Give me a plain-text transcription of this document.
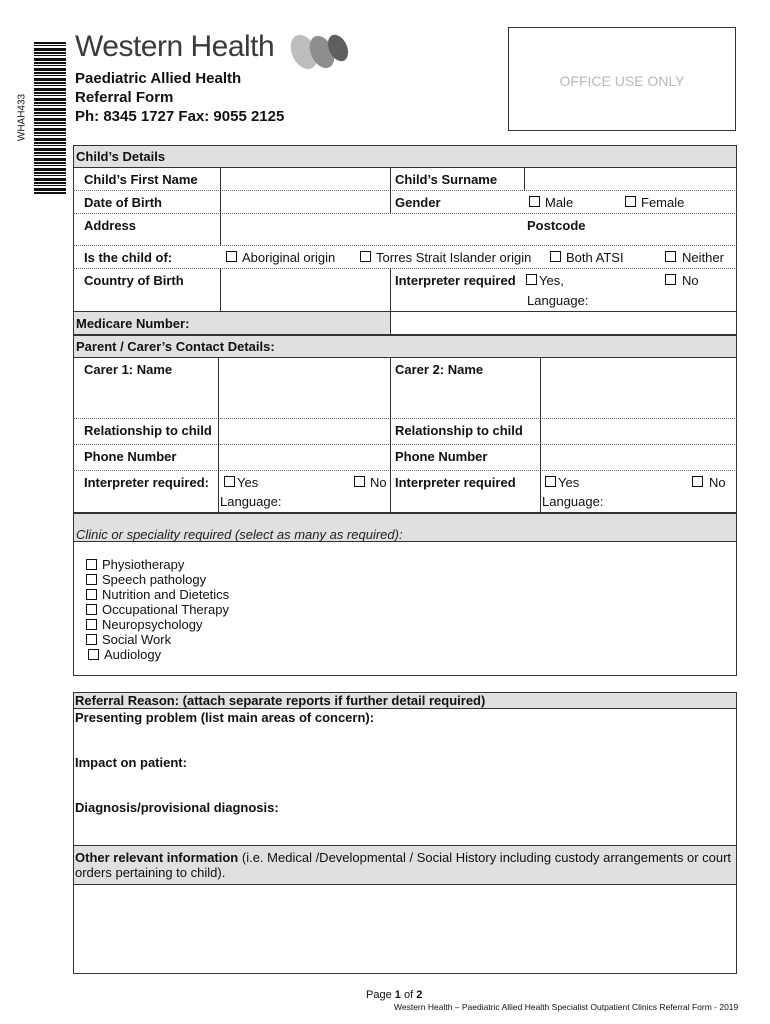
WHAH433
Western Health
Paediatric Allied Health
Referral Form
Ph: 8345 1727 Fax: 9055 2125
OFFICE USE ONLY
Child’s Details
Child’s First Name	Child’s Surname
Date of Birth	Gender	Male	Female
Address	Postcode
Is the child of:	Aboriginal origin	Torres Strait Islander origin	Both ATSI	Neither
Country of Birth	Interpreter required Yes,	No
Language:
Medicare Number:
Parent / Carer’s Contact Details:
Carer 1: Name	Carer 2: Name
Relationship to child	Relationship to child
Phone Number	Phone Number
Interpreter required: Yes	No
Language:
Interpreter required	Yes	No
Language:
Clinic or speciality required (select as many as required):
Physiotherapy
Speech pathology
Nutrition and Dietetics
Occupational Therapy
Neuropsychology
Social Work
Audiology
Referral Reason: (attach separate reports if further detail required)
Presenting problem (list main areas of concern):
Impact on patient:
Diagnosis/provisional diagnosis:
Other relevant information (i.e. Medical /Developmental / Social History including custody arrangements or court
orders pertaining to child).
Page 1 of 2
Western Health – Paediatric Allied Health Specialist Outpatient Clinics Referral Form - 2019
